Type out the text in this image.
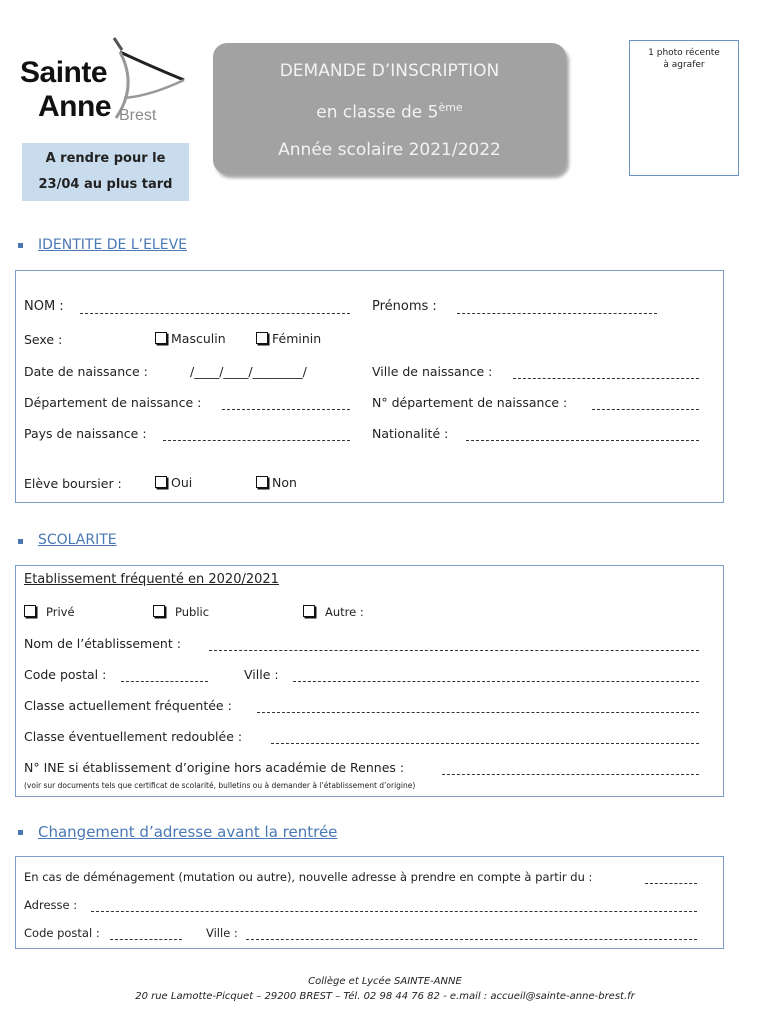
Sainte
Anne Brest
A rendre pour le
23/04 au plus tard
DEMANDE D’INSCRIPTION
en classe de 5ème
Année scolaire 2021/2022
1 photo récente
à agrafer
IDENTITE DE L’ELEVE
NOM :	Prénoms :
Sexe :	Masculin	Féminin
Date de naissance :	/____/____/________/	Ville de naissance :
Département de naissance :	N° département de naissance :
Pays de naissance :	Nationalité :
Elève boursier :	Oui	Non
SCOLARITE
Etablissement fréquenté en 2020/2021
Privé	Public	Autre :
Nom de l’établissement :
Code postal :	Ville :
Classe actuellement fréquentée :
Classe éventuellement redoublée :
N° INE si établissement d’origine hors académie de Rennes :
(voir sur documents tels que certificat de scolarité, bulletins ou à demander à l’établissement d’origine)
Changement d’adresse avant la rentrée
En cas de déménagement (mutation ou autre), nouvelle adresse à prendre en compte à partir du :
Adresse :
Code postal :	Ville :
Collège et Lycée SAINTE-ANNE
20 rue Lamotte-Picquet – 29200 BREST – Tél. 02 98 44 76 82 - e.mail : accueil@sainte-anne-brest.fr
